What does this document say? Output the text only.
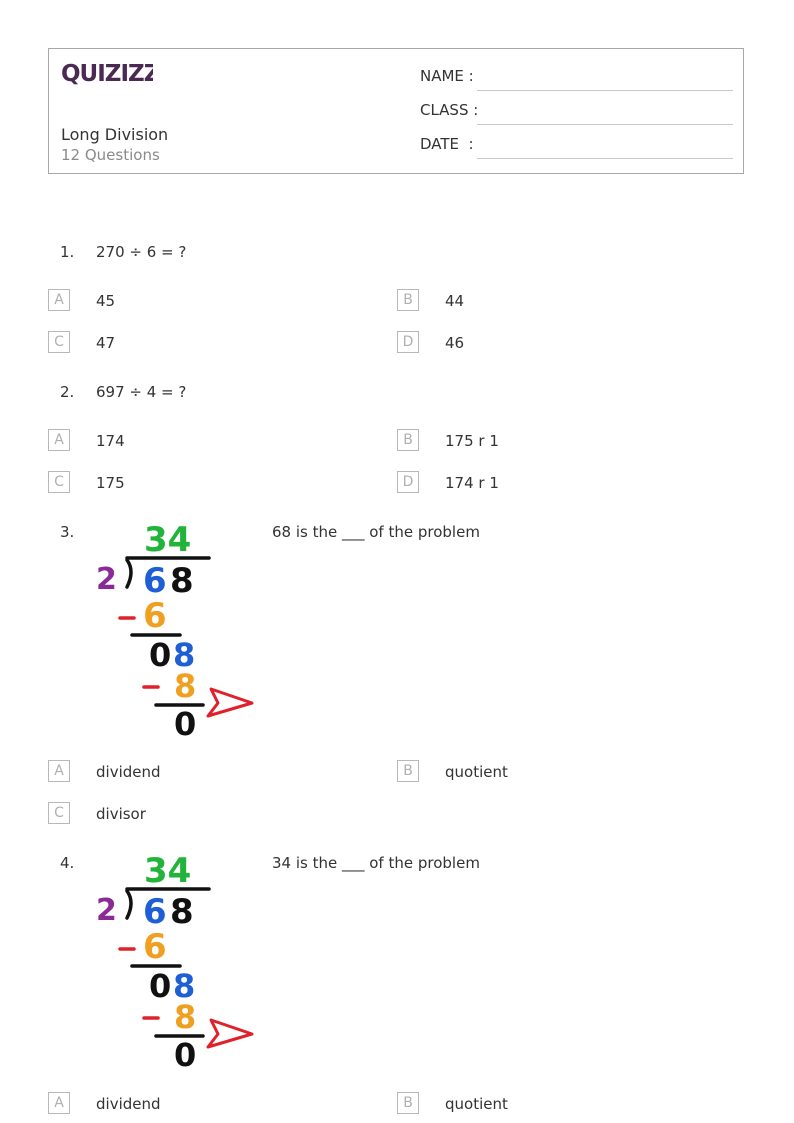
QUIZIZZ
Long Division
12 Questions
NAME :
CLASS :
DATE  :
1. 270 ÷ 6 = ?
A	45	B	44
C	47	D	46
2. 697 ÷ 4 = ?
A	174	B	175 r 1
C	175	D	174 r 1
3. 34
2 6 8
6
0 8
8
0
68 is the ___ of the problem
A	dividend	B	quotient
C	divisor
4. 34
2 6 8
6
0 8
8
0
34 is the ___ of the problem
A	dividend	B	quotient
